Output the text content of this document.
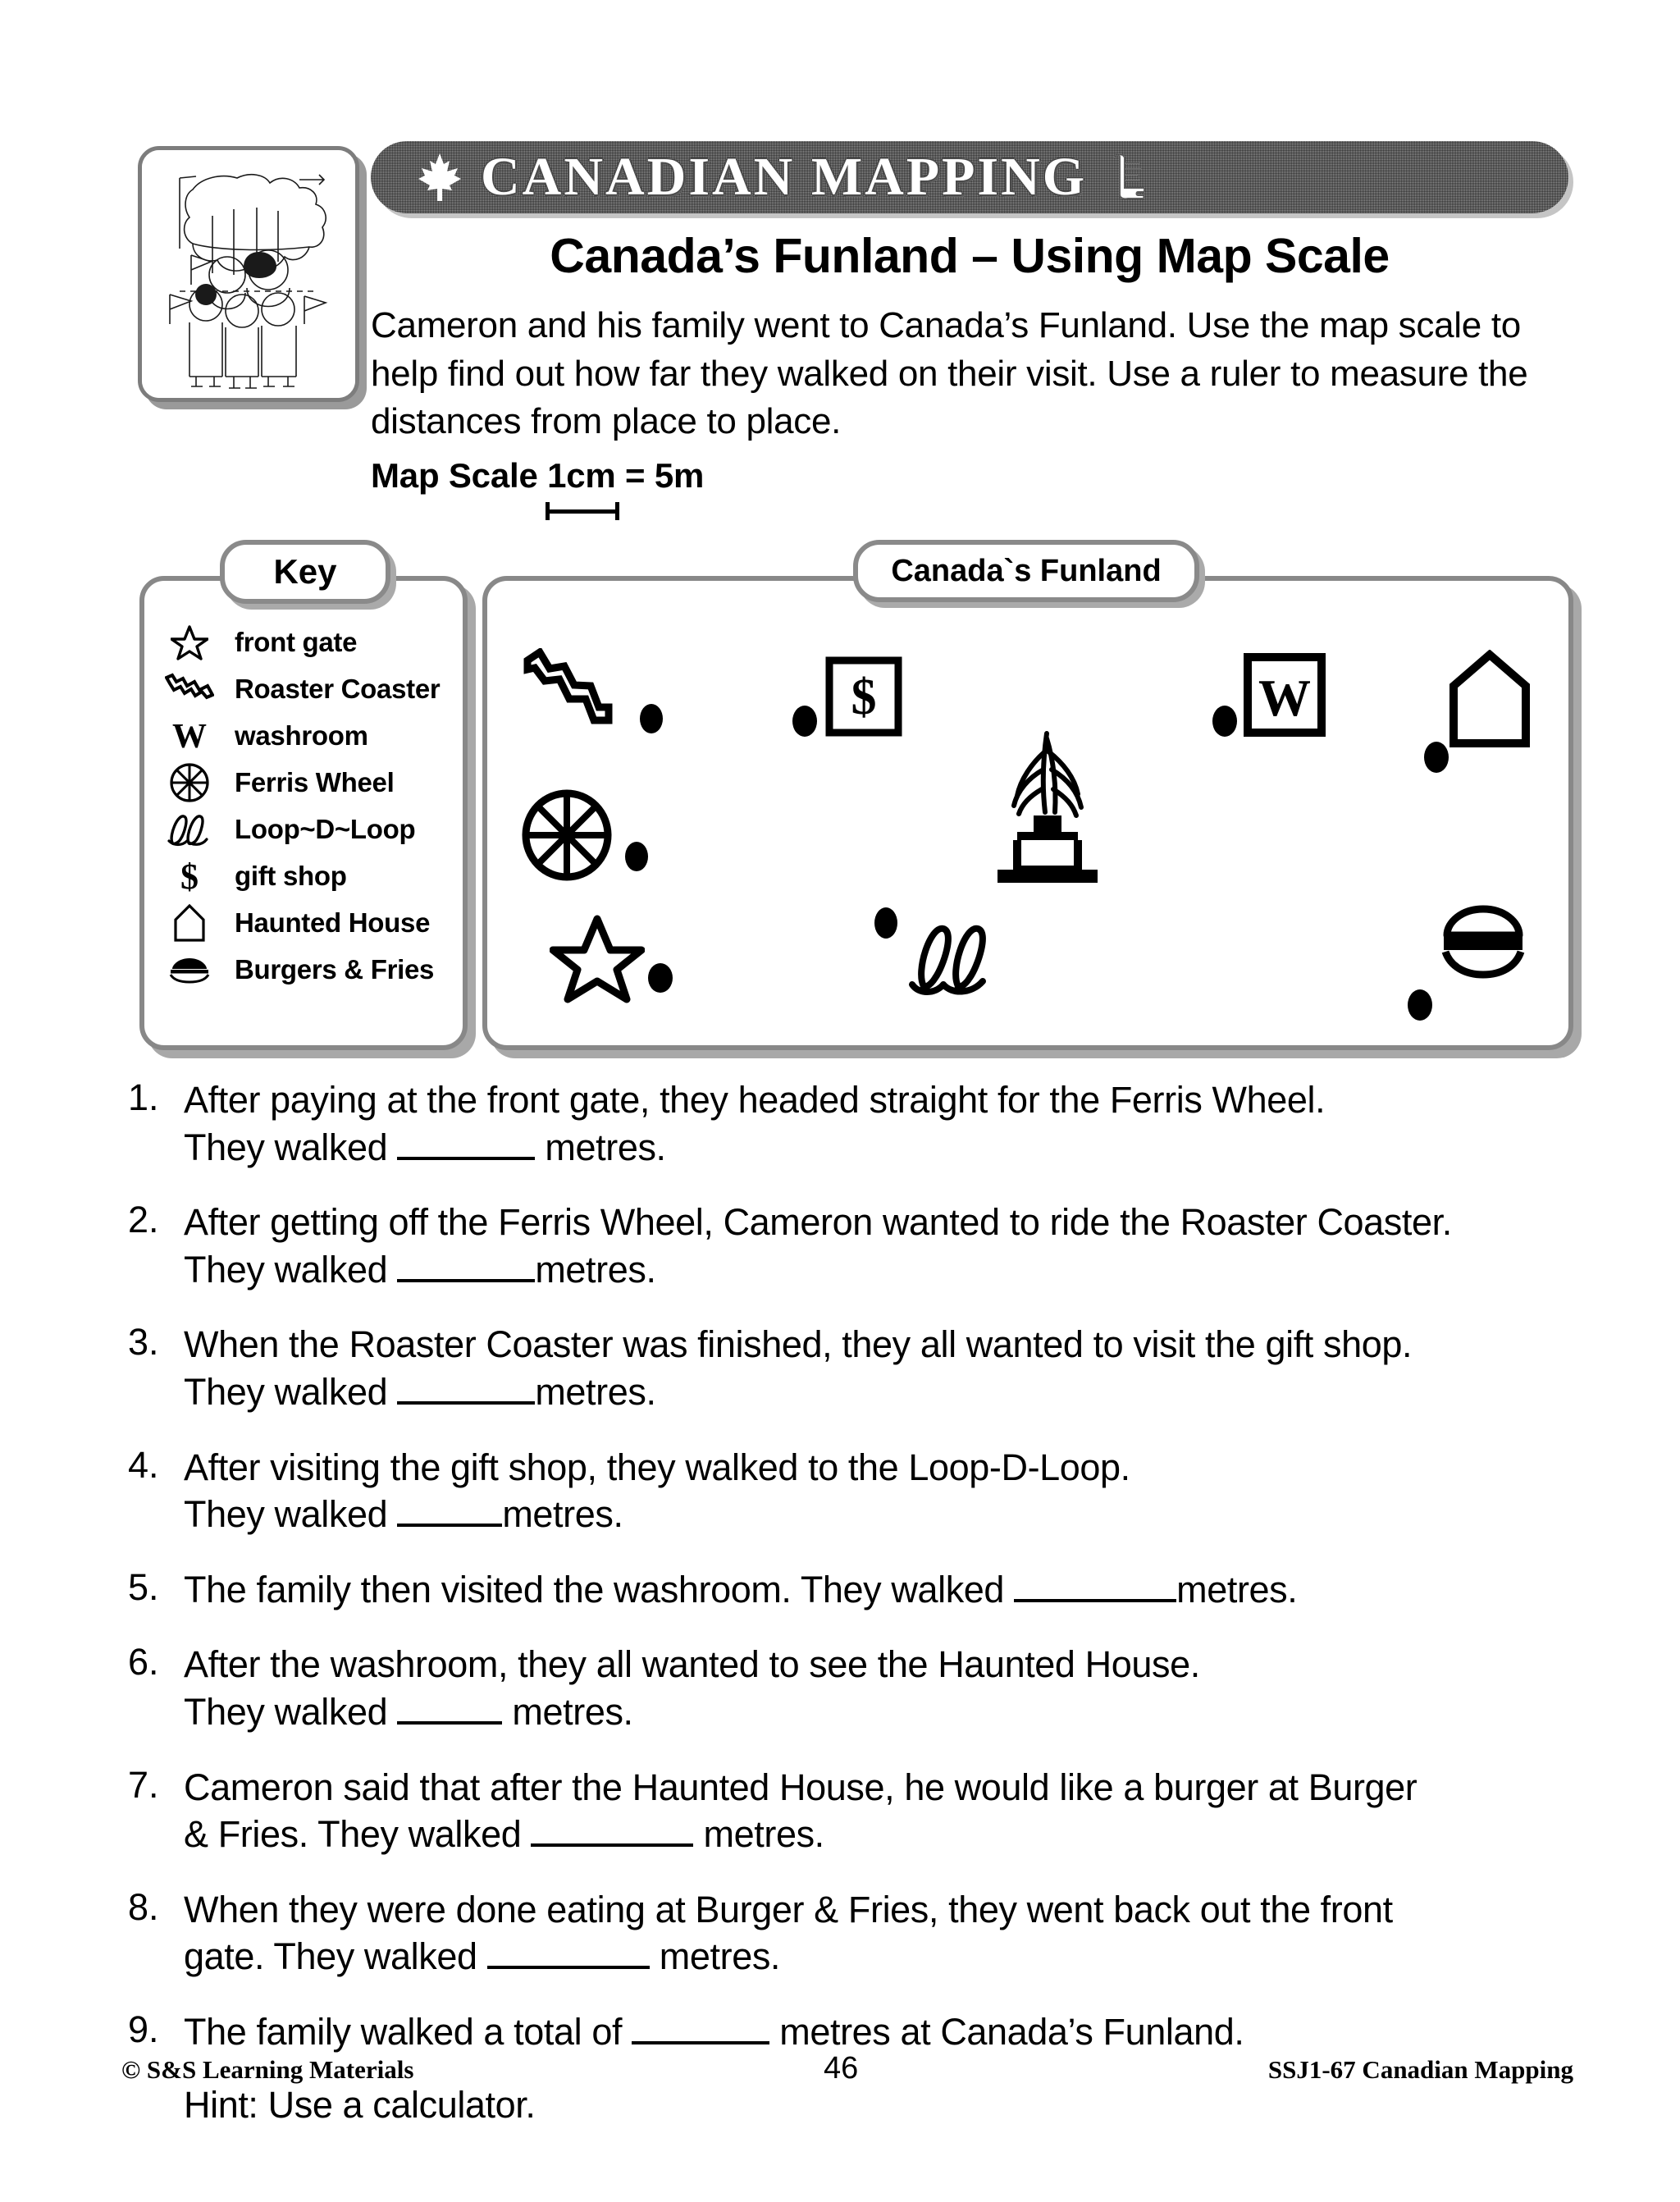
CANADIAN MAPPING
Canada’s Funland – Using Map Scale
Cameron and his family went to Canada’s Funland. Use the map scale to help find out how far they walked on their visit. Use a ruler to measure the distances from place to place.
Map Scale 1cm = 5m
Key
front gate
Roaster Coaster
W washroom
Ferris Wheel
Loop~D~Loop
$ gift shop
Haunted House
Burgers & Fries
Canada`s Funland
$	W
1. After paying at the front gate, they headed straight for the Ferris Wheel.
They walked	metres.
2. After getting off the Ferris Wheel, Cameron wanted to ride the Roaster Coaster.
They walked	metres.
3. When the Roaster Coaster was finished, they all wanted to visit the gift shop.
They walked	metres.
4. After visiting the gift shop, they walked to the Loop-D-Loop.
They walked	metres.
5. The family then visited the washroom. They walked	metres.
6. After the washroom, they all wanted to see the Haunted House.
They walked	metres.
7. Cameron said that after the Haunted House, he would like a burger at Burger
& Fries. They walked	metres.
8. When they were done eating at Burger & Fries, they went back out the front
gate. They walked	metres.
9. The family walked a total of	metres at Canada’s Funland.
Hint: Use a calculator.
© S&S Learning Materials	46	SSJ1-67 Canadian Mapping
